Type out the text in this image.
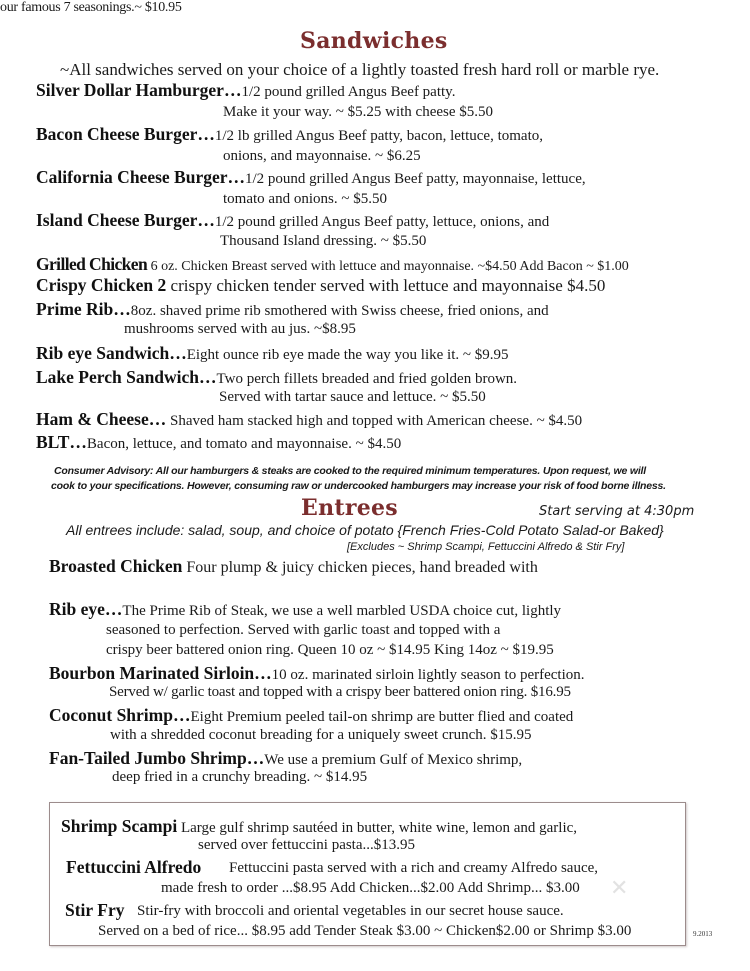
Sandwiches
~All sandwiches served on your choice of a lightly toasted fresh hard roll or marble rye.
Silver Dollar Hamburger…1/2 pound grilled Angus Beef patty.
Make it your way. ~ $5.25 with cheese $5.50
Bacon Cheese Burger…1/2 lb grilled Angus Beef patty, bacon, lettuce, tomato,
onions, and mayonnaise. ~ $6.25
California Cheese Burger…1/2 pound grilled Angus Beef patty, mayonnaise, lettuce,
tomato and onions. ~ $5.50
Island Cheese Burger…1/2 pound grilled Angus Beef patty, lettuce, onions, and
Thousand Island dressing. ~ $5.50
Grilled Chicken 6 oz. Chicken Breast served with lettuce and mayonnaise. ~$4.50 Add Bacon ~ $1.00
Crispy Chicken 2 crispy chicken tender served with lettuce and mayonnaise $4.50
Prime Rib…8oz. shaved prime rib smothered with Swiss cheese, fried onions, and
mushrooms served with au jus. ~$8.95
Rib eye Sandwich…Eight ounce rib eye made the way you like it. ~ $9.95
Lake Perch Sandwich…Two perch fillets breaded and fried golden brown.
Served with tartar sauce and lettuce. ~ $5.50
Ham & Cheese… Shaved ham stacked high and topped with American cheese. ~ $4.50
BLT…Bacon, lettuce, and tomato and mayonnaise. ~ $4.50
Consumer Advisory: All our hamburgers & steaks are cooked to the required minimum temperatures. Upon request, we will
cook to your specifications. However, consuming raw or undercooked hamburgers may increase your risk of food borne illness.
Entrees	Start serving at 4:30pm
All entrees include: salad, soup, and choice of potato {French Fries-Cold Potato Salad-or Baked}
[Excludes ~ Shrimp Scampi, Fettuccini Alfredo & Stir Fry]
Broasted Chicken Four plump & juicy chicken pieces, hand breaded with
our famous 7 seasonings.~ $10.95
Rib eye…The Prime Rib of Steak, we use a well marbled USDA choice cut, lightly
seasoned to perfection. Served with garlic toast and topped with a
crispy beer battered onion ring. Queen 10 oz ~ $14.95 King 14oz ~ $19.95
Bourbon Marinated Sirloin…10 oz. marinated sirloin lightly season to perfection.
Served w/ garlic toast and topped with a crispy beer battered onion ring. $16.95
Coconut Shrimp…Eight Premium peeled tail-on shrimp are butter flied and coated
with a shredded coconut breading for a uniquely sweet crunch. $15.95
Fan-Tailed Jumbo Shrimp…We use a premium Gulf of Mexico shrimp,
deep fried in a crunchy breading. ~ $14.95
Shrimp Scampi Large gulf shrimp sautéed in butter, white wine, lemon and garlic,
served over fettuccini pasta...$13.95
Fettuccini Alfredo Fettuccini pasta served with a rich and creamy Alfredo sauce,
made fresh to order ...$8.95 Add Chicken...$2.00 Add Shrimp... $3.00 ✕
Stir Fry Stir-fry with broccoli and oriental vegetables in our secret house sauce.
Served on a bed of rice... $8.95 add Tender Steak $3.00 ~ Chicken$2.00 or Shrimp $3.00	9.2013
